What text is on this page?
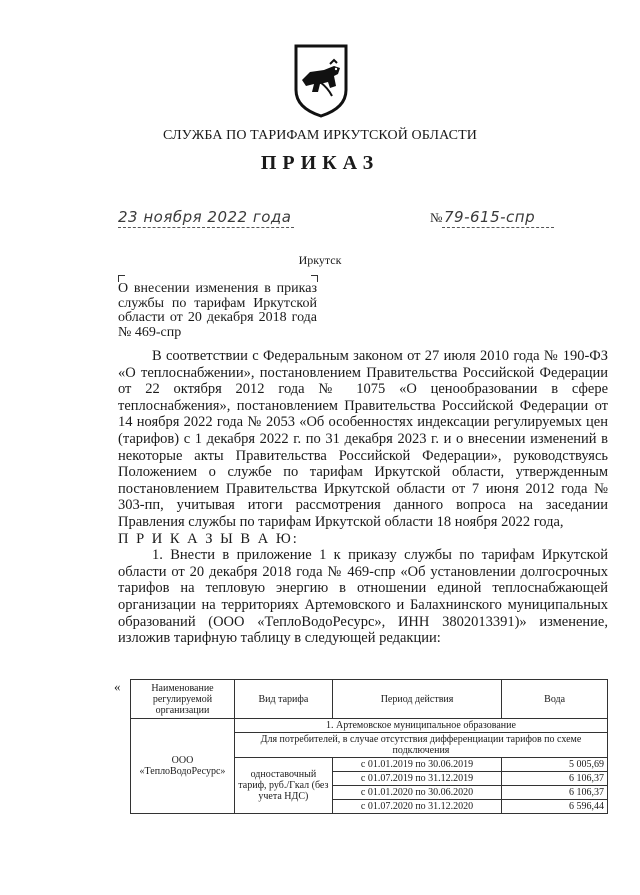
СЛУЖБА ПО ТАРИФАМ ИРКУТСКОЙ ОБЛАСТИ
ПРИКАЗ
23 ноября 2022 года	№ 79-615-спр
Иркутск
О внесении изменения в приказ службы по тарифам Иркутской области от 20 декабря 2018 года № 469-спр

В соответствии с Федеральным законом от 27 июля 2010 года № 190-ФЗ «О теплоснабжении», постановлением Правительства Российской Федерации от 22 октября 2012 года № 1075 «О ценообразовании в сфере теплоснабжения», постановлением Правительства Российской Федерации от 14 ноября 2022 года № 2053 «Об особенностях индексации регулируемых цен (тарифов) с 1 декабря 2022 г. по 31 декабря 2023 г. и о внесении изменений в некоторые акты Правительства Российской Федерации», руководствуясь Положением о службе по тарифам Иркутской области, утвержденным постановлением Правительства Иркутской области от 7 июня 2012 года № 303-пп, учитывая итоги рассмотрения данного вопроса на заседании Правления службы по тарифам Иркутской области 18 ноября 2022 года,

П Р И К А З Ы В А Ю:

1. Внести в приложение 1 к приказу службы по тарифам Иркутской области от 20 декабря 2018 года № 469-спр «Об установлении долгосрочных тарифов на тепловую энергию в отношении единой теплоснабжающей организации на территориях Артемовского и Балахнинского муниципальных образований (ООО «ТеплоВодоРесурс», ИНН 3802013391)» изменение, изложив тарифную таблицу в следующей редакции:

«	Наименование регулируемой организации	Вид тарифа	Период действия	Вода
ООО «ТеплоВодоРесурс»	1. Артемовское муниципальное образование		
	Для потребителей, в случае отсутствия дифференциации тарифов по схеме подключения		
	одноставочный тариф, руб./Гкал (без учета НДС)	с 01.01.2019 по 30.06.2019	5 005,69
		с 01.07.2019 по 31.12.2019	6 106,37
		с 01.01.2020 по 30.06.2020	6 106,37
		с 01.07.2020 по 31.12.2020	6 596,44
